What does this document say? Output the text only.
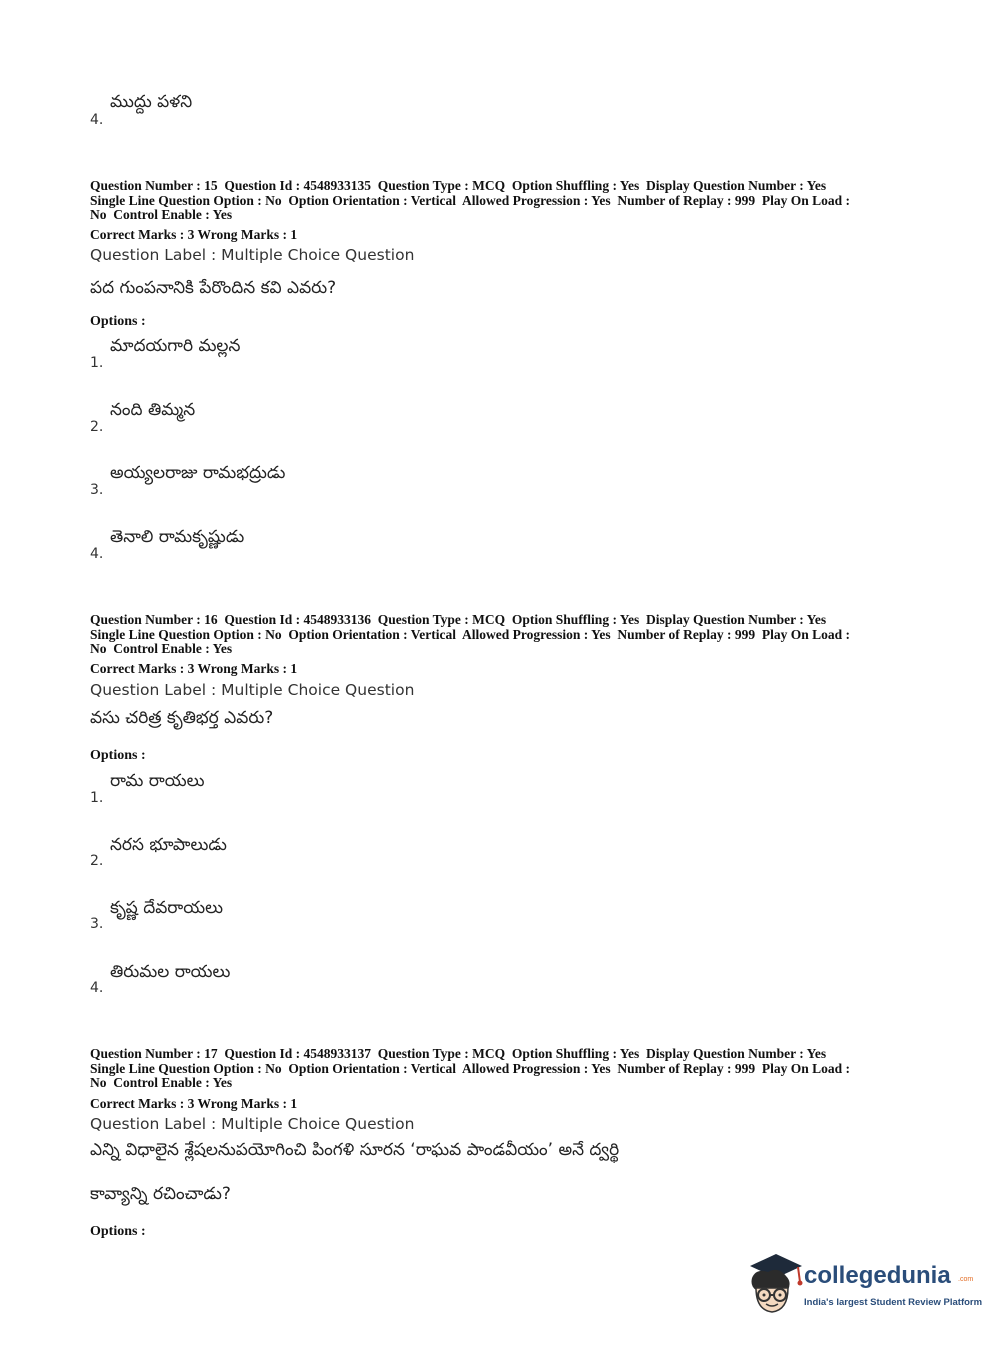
ముద్దు పళని
4.
Question Number : 15  Question Id : 4548933135  Question Type : MCQ  Option Shuffling : Yes  Display Question Number : Yes
Single Line Question Option : No  Option Orientation : Vertical  Allowed Progression : Yes  Number of Replay : 999  Play On Load :
No  Control Enable : Yes
Correct Marks : 3 Wrong Marks : 1
Question Label : Multiple Choice Question
పద గుంపనానికి పేరొందిన కవి ఎవరు?
Options :
మాదయగారి మల్లన
1.
నంది తిమ్మన
2.
అయ్యలరాజు రామభద్రుడు
3.
తెనాలి రామకృష్ణుడు
4.
Question Number : 16  Question Id : 4548933136  Question Type : MCQ  Option Shuffling : Yes  Display Question Number : Yes
Single Line Question Option : No  Option Orientation : Vertical  Allowed Progression : Yes  Number of Replay : 999  Play On Load :
No  Control Enable : Yes
Correct Marks : 3 Wrong Marks : 1
Question Label : Multiple Choice Question
వసు చరిత్ర కృతిభర్త ఎవరు?
Options :
రామ రాయలు
1.
నరస భూపాలుడు
2.
కృష్ణ దేవరాయలు
3.
తిరుమల రాయలు
4.
Question Number : 17  Question Id : 4548933137  Question Type : MCQ  Option Shuffling : Yes  Display Question Number : Yes
Single Line Question Option : No  Option Orientation : Vertical  Allowed Progression : Yes  Number of Replay : 999  Play On Load :
No  Control Enable : Yes
Correct Marks : 3 Wrong Marks : 1
Question Label : Multiple Choice Question
ఎన్ని విధాలైన శ్లేషలనుపయోగించి పింగళి సూరన ‘రాఘవ పాండవీయం’ అనే ద్వర్థి
కావ్యాన్ని రచించాడు?
Options :
collegedunia .com
India's largest Student Review Platform
